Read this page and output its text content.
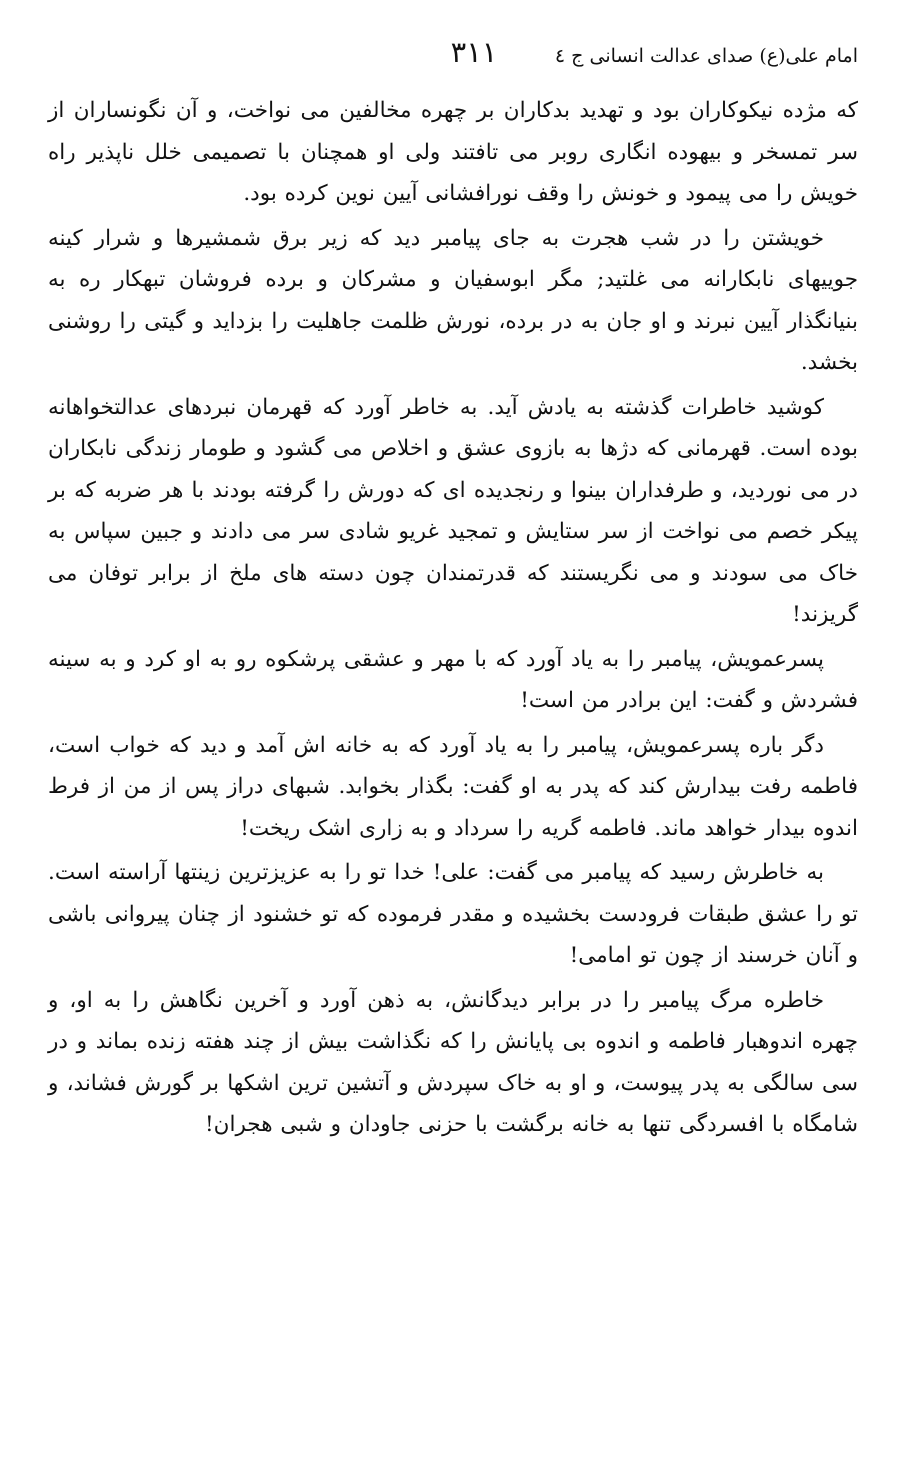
امام علی(ع) صدای عدالت انسانی ج ٤
٣١١

که مژده نیکوکاران بود و تهدید بدکاران بر چهره مخالفین می نواخت، و آن نگونساران از سر تمسخر و بیهوده انگاری روبر می تافتند ولی او همچنان با تصمیمی خلل ناپذیر راه خویش را می پیمود و خونش را وقف نورافشانی آیین نوین کرده بود.

خویشتن را در شب هجرت به جای پیامبر دید که زیر برق شمشیرها و شرار کینه جوییهای نابکارانه می غلتید; مگر ابوسفیان و مشرکان و برده فروشان تبهکار ره به بنیانگذار آیین نبرند و او جان به در برده، نورش ظلمت جاهلیت را بزداید و گیتی را روشنی بخشد.

کوشید خاطرات گذشته به یادش آید. به خاطر آورد که قهرمان نبردهای عدالتخواهانه بوده است. قهرمانی که دژها به بازوی عشق و اخلاص می گشود و طومار زندگی نابکاران در می نوردید، و طرفداران بینوا و رنجدیده ای که دورش را گرفته بودند با هر ضربه که بر پیکر خصم می نواخت از سر ستایش و تمجید غریو شادی سر می دادند و جبین سپاس به خاک می سودند و می نگریستند که قدرتمندان چون دسته های ملخ از برابر توفان می گریزند!

پسرعمویش، پیامبر را به یاد آورد که با مهر و عشقی پرشکوه رو به او کرد و به سینه فشردش و گفت: این برادر من است!

دگر باره پسرعمویش، پیامبر را به یاد آورد که به خانه اش آمد و دید که خواب است، فاطمه رفت بیدارش کند که پدر به او گفت: بگذار بخوابد. شبهای دراز پس از من از فرط اندوه بیدار خواهد ماند. فاطمه گریه را سرداد و به زاری اشک ریخت!

به خاطرش رسید که پیامبر می گفت: علی! خدا تو را به عزیزترین زینتها آراسته است. تو را عشق طبقات فرودست بخشیده و مقدر فرموده که تو خشنود از چنان پیروانی باشی و آنان خرسند از چون تو امامی!

خاطره مرگ پیامبر را در برابر دیدگانش، به ذهن آورد و آخرین نگاهش را به او، و چهره اندوهبار فاطمه و اندوه بی پایانش را که نگذاشت بیش از چند هفته زنده بماند و در سی سالگی به پدر پیوست، و او به خاک سپردش و آتشین ترین اشکها بر گورش فشاند، و شامگاه با افسردگی تنها به خانه برگشت با حزنی جاودان و شبی هجران!
